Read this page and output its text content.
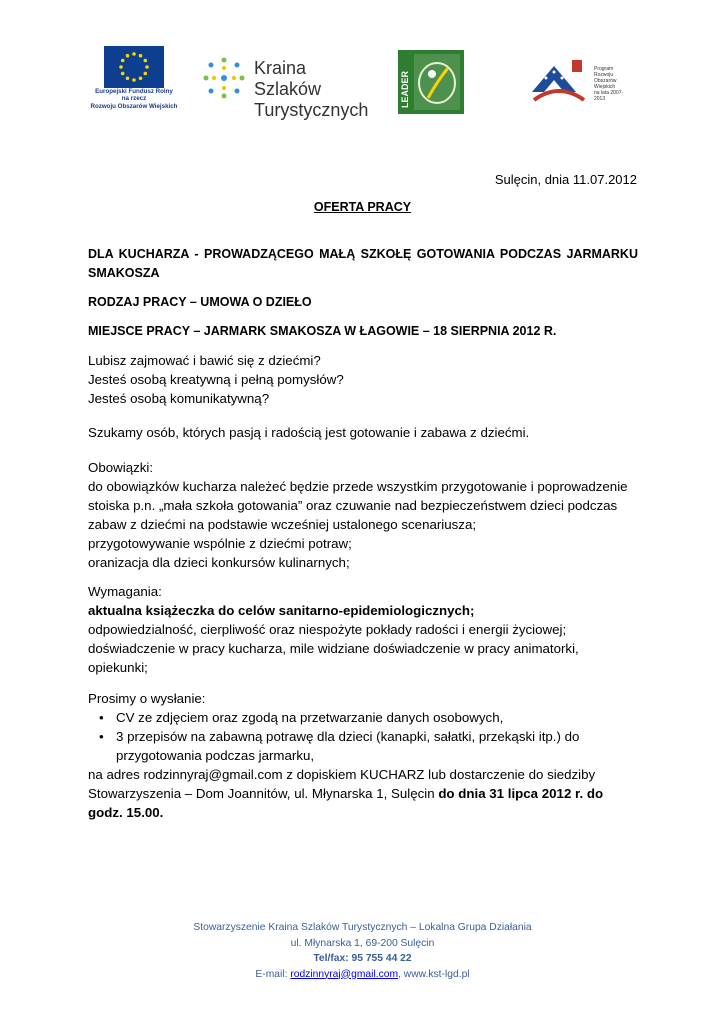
Europejski Fundusz Rolny
na rzecz
Rozwoju Obszarów Wiejskich
Kraina Szlaków
Turystycznych
LEADER
Program
Rozwoju
Obszarów
Wiejskich
na lata 2007-2013
Sulęcin, dnia 11.07.2012
OFERTA PRACY
DLA KUCHARZA - PROWADZĄCEGO MAŁĄ SZKOŁĘ GOTOWANIA PODCZAS JARMARKU SMAKOSZA
RODZAJ PRACY – UMOWA O DZIEŁO
MIEJSCE PRACY – JARMARK SMAKOSZA W ŁAGOWIE – 18 SIERPNIA 2012 R.
Lubisz zajmować i bawić się z dziećmi?
Jesteś osobą kreatywną i pełną pomysłów?
Jesteś osobą komunikatywną?
Szukamy osób, których pasją i radością jest gotowanie i zabawa z dziećmi.
Obowiązki:
do obowiązków kucharza należeć będzie przede wszystkim przygotowanie i poprowadzenie
stoiska p.n. „mała szkoła gotowania” oraz czuwanie nad bezpieczeństwem dzieci podczas
zabaw z dziećmi na podstawie wcześniej ustalonego scenariusza;
przygotowywanie wspólnie z dziećmi potraw;
oranizacja dla dzieci konkursów kulinarnych;
Wymagania:
aktualna książeczka do celów sanitarno-epidemiologicznych;
odpowiedzialność, cierpliwość oraz niespożyte pokłady radości i energii życiowej;
doświadczenie w pracy kucharza, mile widziane doświadczenie w pracy animatorki,
opiekunki;
Prosimy o wysłanie:
• CV ze zdjęciem oraz zgodą na przetwarzanie danych osobowych,
• 3 przepisów na zabawną potrawę dla dzieci (kanapki, sałatki, przekąski itp.) do przygotowania podczas jarmarku,
na adres rodzinnyraj@gmail.com z dopiskiem KUCHARZ lub dostarczenie do siedziby
Stowarzyszenia – Dom Joannitów, ul. Młynarska 1, Sulęcin do dnia 31 lipca 2012 r. do godz. 15.00.
Stowarzyszenie Kraina Szlaków Turystycznych – Lokalna Grupa Działania
ul. Młynarska 1, 69-200 Sulęcin
Tel/fax: 95 755 44 22
E-mail: rodzinnyraj@gmail.com, www.kst-lgd.pl
